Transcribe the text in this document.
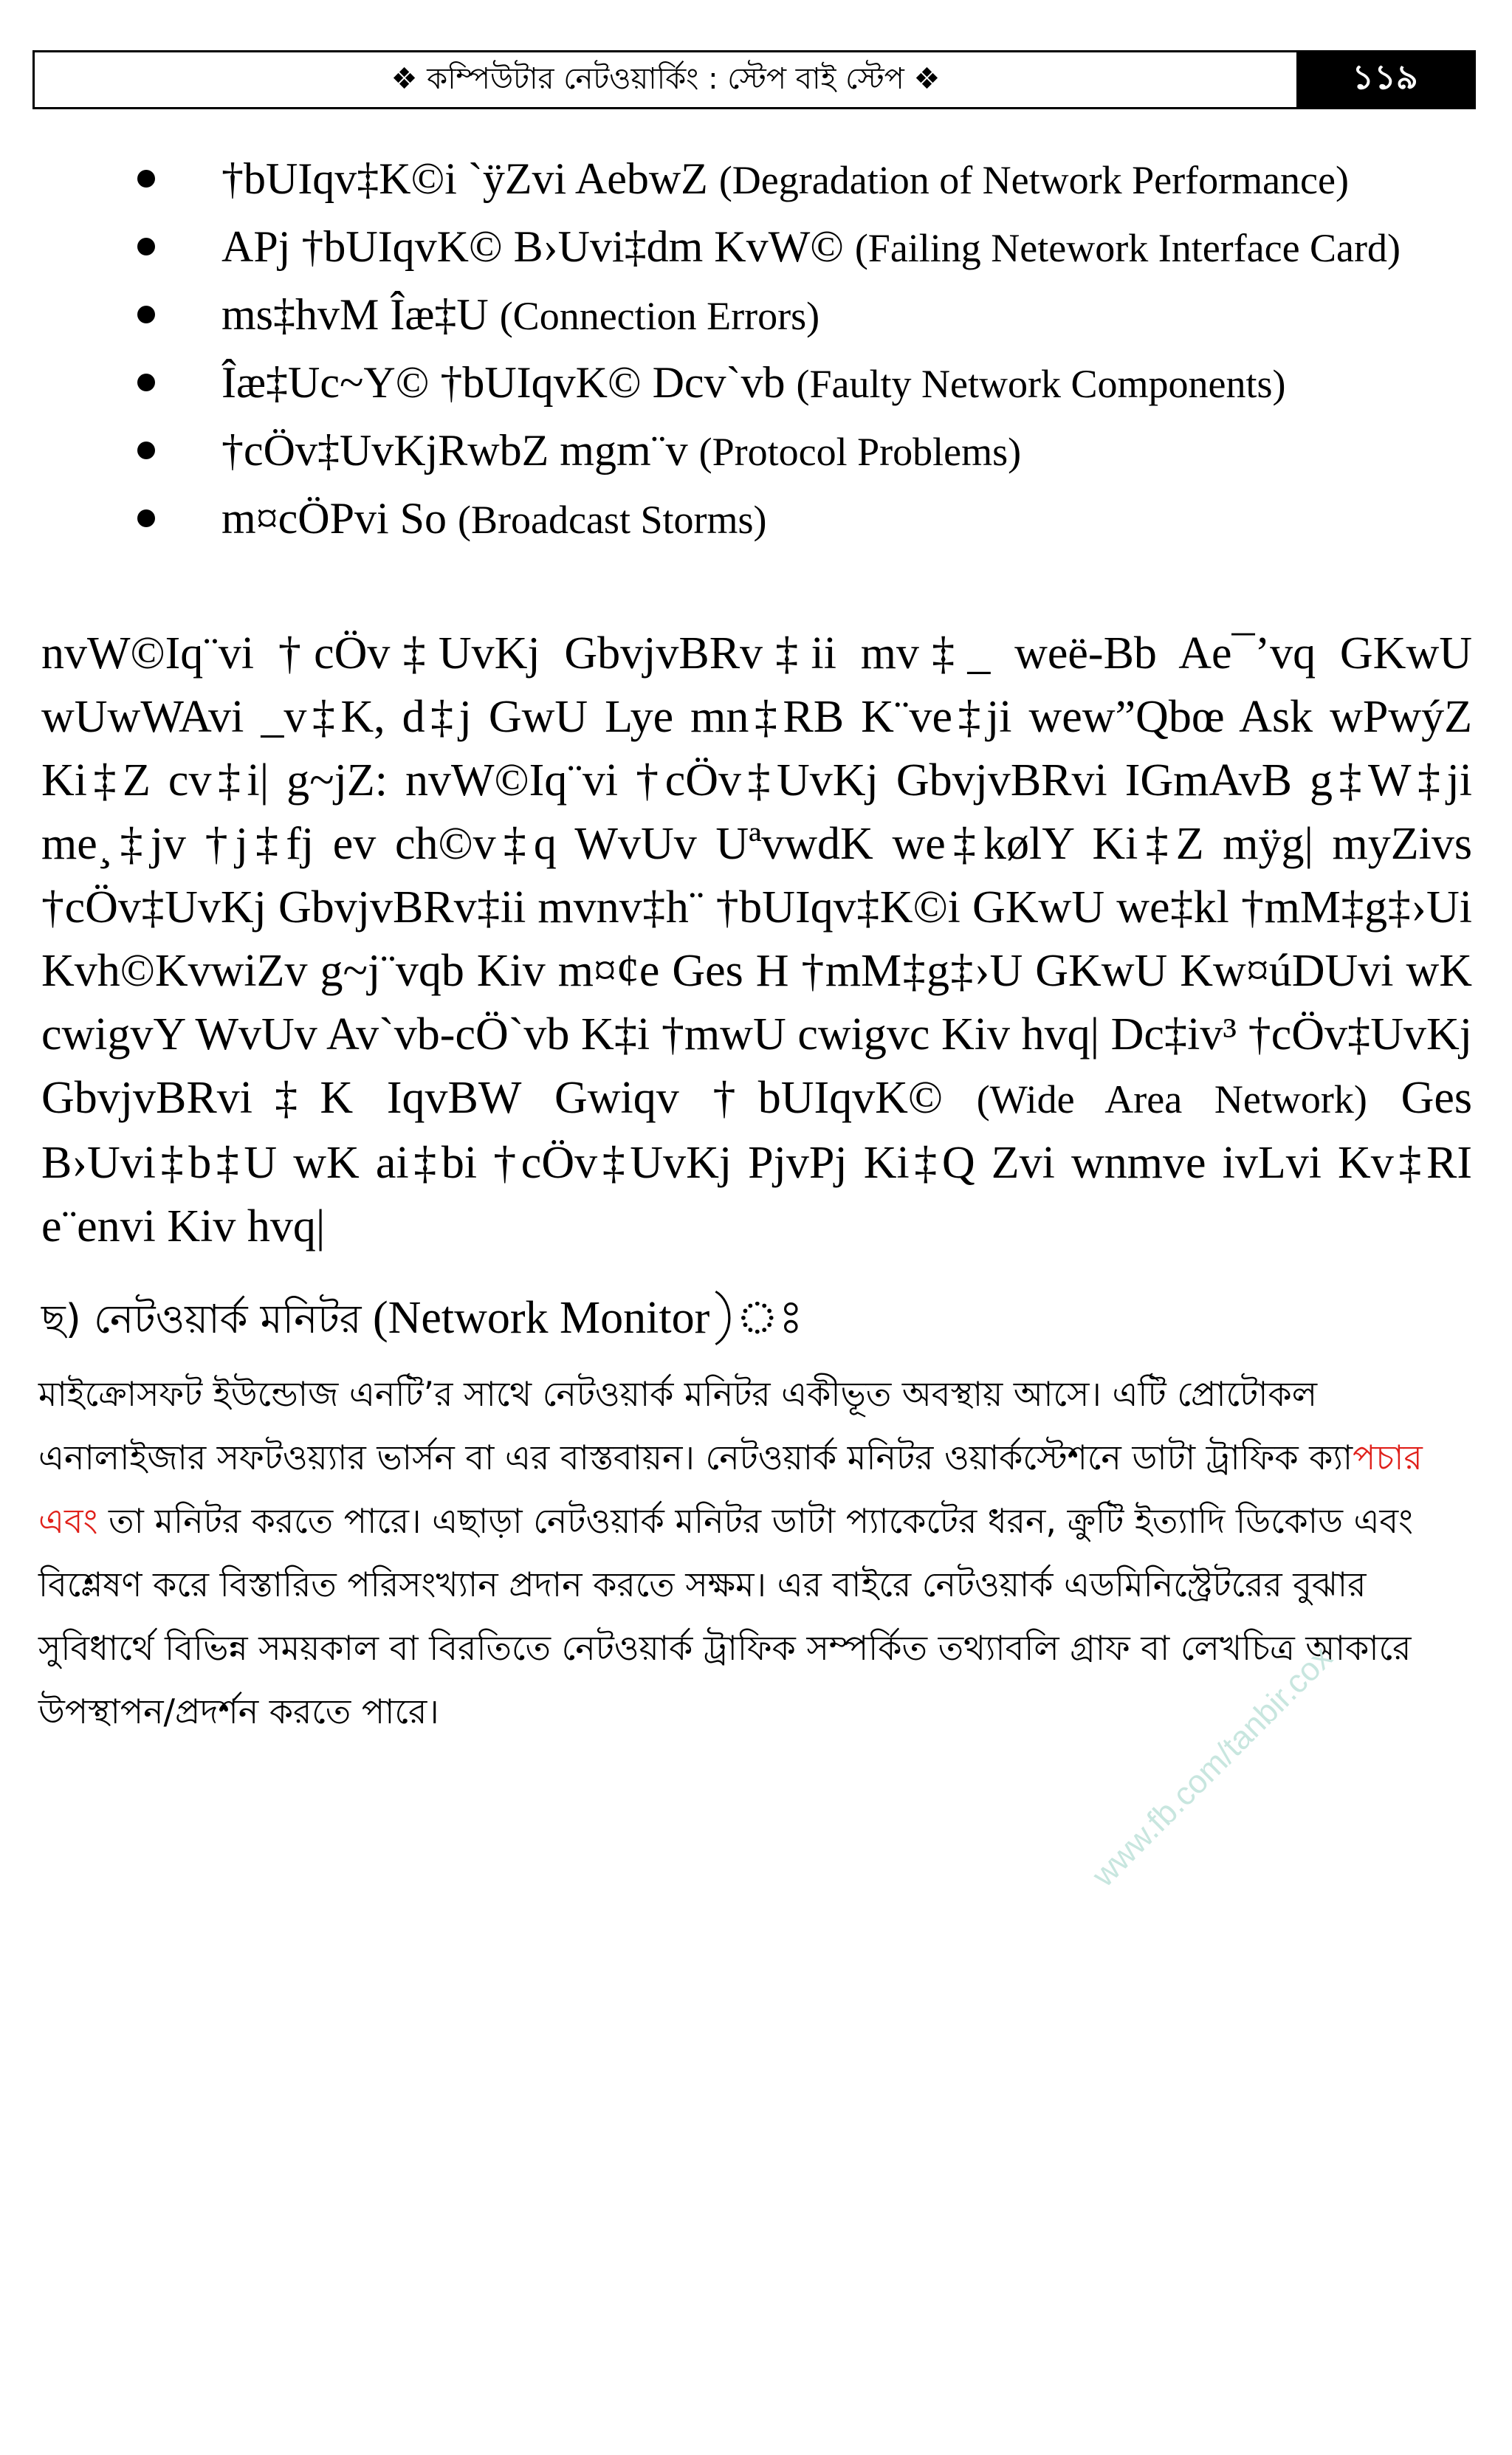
❖ কম্পিউটার নেটওয়ার্কিং : স্টেপ বাই স্টেপ ❖	১১৯
†bUIqv‡K©i `ÿZvi AebwZ (Degradation of Network Performance)
APj †bUIqvK© B›Uvi‡dm KvW© (Failing Netework Interface Card)
ms‡hvM Îæ‡U (Connection Errors)
Îæ‡Uc~Y© †bUIqvK© Dcv`vb (Faulty Network Components)
†cÖv‡UvKjRwbZ mgm¨v (Protocol Problems)
m¤cÖPvi So (Broadcast Storms)

nvW©Iq¨vi †cÖv‡UvKj GbvjvBRv‡ii mv‡_ weë-Bb Ae¯’vq GKwU wUwWAvi _v‡K, d‡j GwU Lye mn‡RB K¨ve‡ji wew”Qbœ Ask wPwýZ Ki‡Z cv‡i| g~jZ: nvW©Iq¨vi †cÖv‡UvKj GbvjvBRvi IGmAvB g‡W‡ji me¸‡jv †j‡fj ev ch©v‡q WvUv UªvwdK we‡kølY Ki‡Z mÿg| myZivs †cÖv‡UvKj GbvjvBRv‡ii mvnv‡h¨ †bUIqv‡K©i GKwU we‡kl †mM‡g‡›Ui Kvh©KvwiZv g~j¨vqb Kiv m¤¢e Ges H †mM‡g‡›U GKwU Kw¤úDUvi wK cwigvY WvUv Av`vb-cÖ`vb K‡i †mwU cwigvc Kiv hvq| Dc‡iv³ †cÖv‡UvKj GbvjvBRvi‡K IqvBW Gwiqv †bUIqvK© (Wide Area Network) Ges B›Uvi‡b‡U wK ai‡bi †cÖv‡UvKj PjvPj Ki‡Q Zvi wnmve ivLvi Kv‡RI e¨envi Kiv hvq|

ছ) নেটওয়ার্ক মনিটর (Network Monitor)ঃ

মাইক্রোসফট ইউন্ডোজ এনটি’র সাথে নেটওয়ার্ক মনিটর একীভূত অবস্থায় আসে। এটি প্রোটোকল এনালাইজার সফটওয়্যার ভার্সন বা এর বাস্তবায়ন। নেটওয়ার্ক মনিটর ওয়ার্কস্টেশনে ডাটা ট্রাফিক ক্যাপচার এবং তা মনিটর করতে পারে। এছাড়া নেটওয়ার্ক মনিটর ডাটা প্যাকেটের ধরন, ক্রুটি ইত্যাদি ডিকোড এবং বিশ্লেষণ করে বিস্তারিত পরিসংখ্যান প্রদান করতে সক্ষম। এর বাইরে নেটওয়ার্ক এডমিনিস্ট্রেটরের বুঝার সুবিধার্থে বিভিন্ন সময়কাল বা বিরতিতে নেটওয়ার্ক ট্রাফিক সম্পর্কিত তথ্যাবলি গ্রাফ বা লেখচিত্র আকারে উপস্থাপন/প্রদর্শন করতে পারে।	www.fb.com/tanbir.cox
